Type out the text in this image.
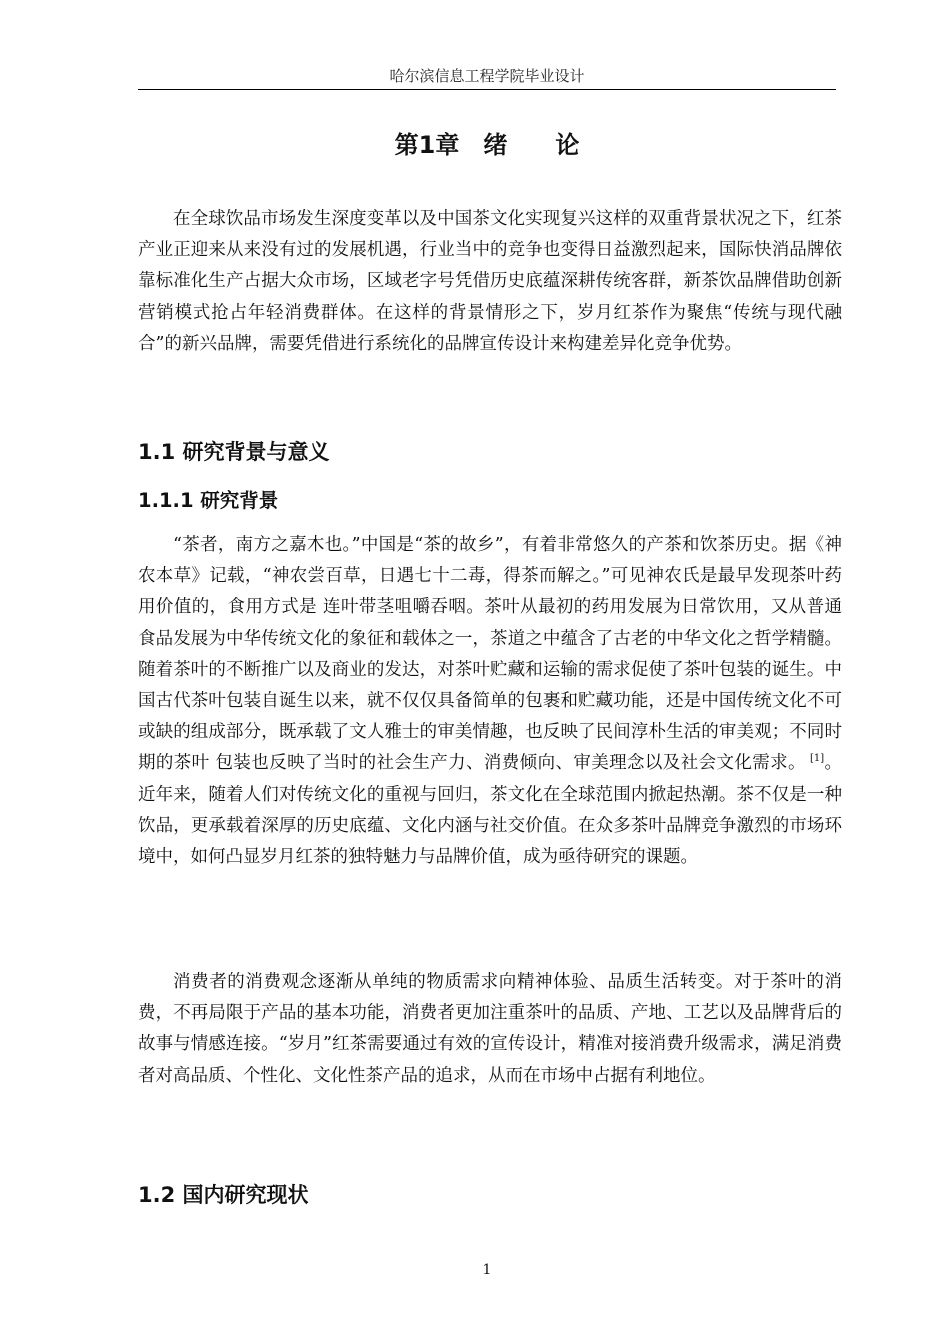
哈尔滨信息工程学院毕业设计
第1章　绪　　论

在全球饮品市场发生深度变革以及中国茶文化实现复兴这样的双重背景状况之下，红茶产业正迎来从来没有过的发展机遇，行业当中的竞争也变得日益激烈起来，国际快消品牌依靠标准化生产占据大众市场，区域老字号凭借历史底蕴深耕传统客群，新茶饮品牌借助创新营销模式抢占年轻消费群体。在这样的背景情形之下，岁月红茶作为聚焦“传统与现代融合”的新兴品牌，需要凭借进行系统化的品牌宣传设计来构建差异化竞争优势。

1.1 研究背景与意义
1.1.1 研究背景

“茶者，南方之嘉木也。”中国是“茶的故乡”，有着非常悠久的产茶和饮茶历史。据《神农本草》记载，“神农尝百草，日遇七十二毒，得茶而解之。”可见神农氏是最早发现茶叶药用价值的，食用方式是 连叶带茎咀嚼吞咽。茶叶从最初的药用发展为日常饮用，又从普通食品发展为中华传统文化的象征和载体之一，茶道之中蕴含了古老的中华文化之哲学精髓。随着茶叶的不断推广以及商业的发达，对茶叶贮藏和运输的需求促使了茶叶包装的诞生。中国古代茶叶包装自诞生以来，就不仅仅具备简单的包裹和贮藏功能，还是中国传统文化不可或缺的组成部分，既承载了文人雅士的审美情趣，也反映了民间淳朴生活的审美观；不同时期的茶叶 包装也反映了当时的社会生产力、消费倾向、审美理念以及社会文化需求。 [1]。近年来，随着人们对传统文化的重视与回归，茶文化在全球范围内掀起热潮。茶不仅是一种饮品，更承载着深厚的历史底蕴、文化内涵与社交价值。在众多茶叶品牌竞争激烈的市场环境中，如何凸显岁月红茶的独特魅力与品牌价值，成为亟待研究的课题。

消费者的消费观念逐渐从单纯的物质需求向精神体验、品质生活转变。对于茶叶的消费，不再局限于产品的基本功能，消费者更加注重茶叶的品质、产地、工艺以及品牌背后的故事与情感连接。“岁月”红茶需要通过有效的宣传设计，精准对接消费升级需求，满足消费者对高品质、个性化、文化性茶产品的追求，从而在市场中占据有利地位。

1.2 国内研究现状
1
